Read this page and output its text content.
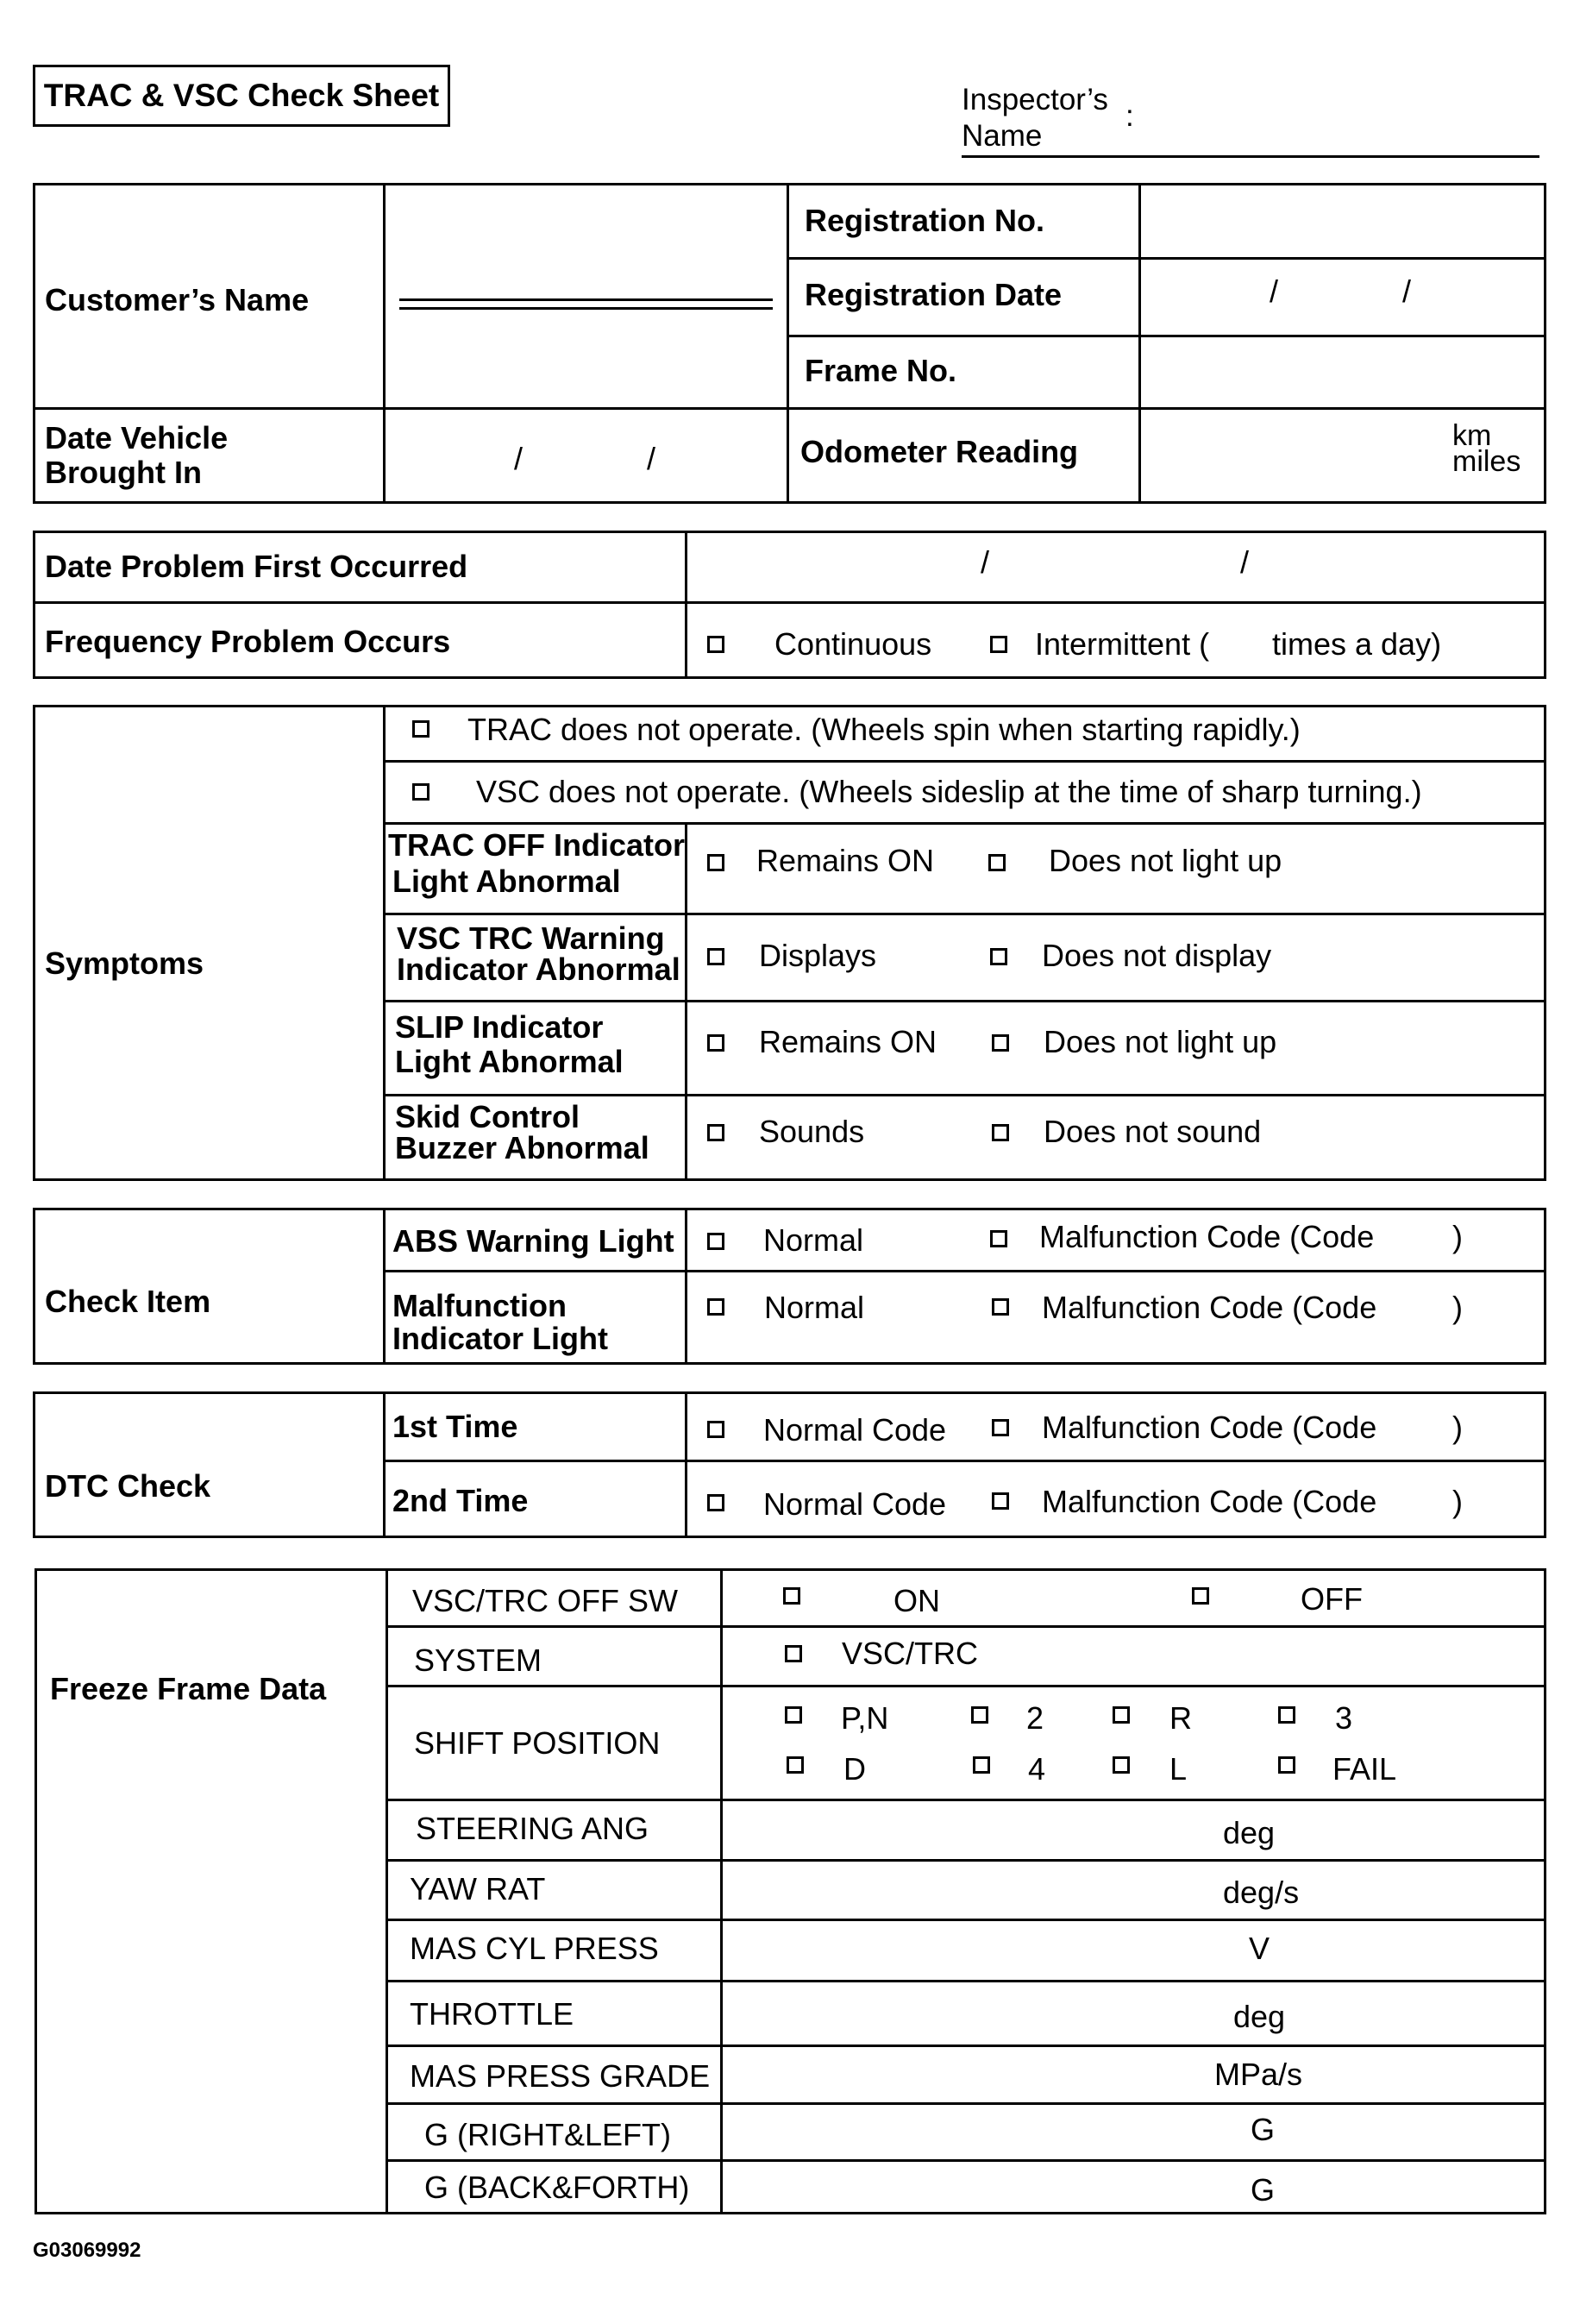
TRAC & VSC Check Sheet	Inspector’s
Name
:
Customer’s Name
Registration No.
Registration Date	/	/
Frame No.
Date Vehicle
Brought In	/	/	Odometer Reading	km
miles
Date Problem First Occurred	/	/
Frequency Problem Occurs	Continuous	Intermittent ( times a day)
Symptoms
TRAC does not operate. (Wheels spin when starting rapidly.)
VSC does not operate. (Wheels sideslip at the time of sharp turning.)
TRAC OFF Indicator
Light Abnormal
Remains ON	Does not light up
VSC TRC Warning
Indicator Abnormal	Displays	Does not display
SLIP Indicator
Light Abnormal
Remains ON	Does not light up
Skid Control
Buzzer Abnormal	Sounds	Does not sound
Check Item
ABS Warning Light	Normal	Malfunction Code (Code	)
Malfunction
Indicator Light
Normal	Malfunction Code (Code )
DTC Check
1st Time	Normal Code	Malfunction Code (Code )
2nd Time	Normal Code	Malfunction Code (Code )
Freeze Frame Data
VSC/TRC OFF SW	ON	OFF
SYSTEM	VSC/TRC
SHIFT POSITION
P,N	2	R	3
D	4	L	FAIL
STEERING ANG	deg
YAW RAT	deg/s
MAS CYL PRESS	V
THROTTLE	deg
MAS PRESS GRADE	MPa/s
G (RIGHT&LEFT)	G
G (BACK&FORTH)	G
G03069992
